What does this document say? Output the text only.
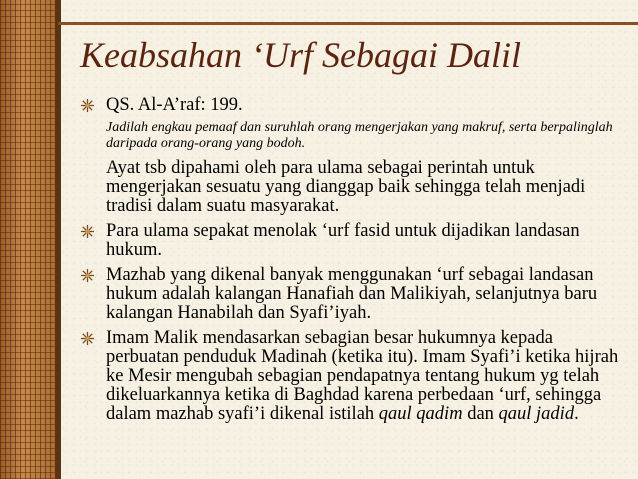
Keabsahan ‘Urf Sebagai Dalil
QS. Al-A’raf: 199.
Jadilah engkau pemaaf dan suruhlah orang mengerjakan yang makruf, serta berpalinglah daripada orang-orang yang bodoh.
Ayat tsb dipahami oleh para ulama sebagai perintah untuk mengerjakan sesuatu yang dianggap baik sehingga telah menjadi tradisi dalam suatu masyarakat.
Para ulama sepakat menolak ‘urf fasid untuk dijadikan landasan hukum.
Mazhab yang dikenal banyak menggunakan ‘urf sebagai landasan hukum adalah kalangan Hanafiah dan Malikiyah, selanjutnya baru kalangan Hanabilah dan Syafi’iyah.
Imam Malik mendasarkan sebagian besar hukumnya kepada perbuatan penduduk Madinah (ketika itu). Imam Syafi’i ketika hijrah ke Mesir mengubah sebagian pendapatnya tentang hukum yg telah dikeluarkannya ketika di Baghdad karena perbedaan ‘urf, sehingga dalam mazhab syafi’i dikenal istilah qaul qadim dan qaul jadid.
